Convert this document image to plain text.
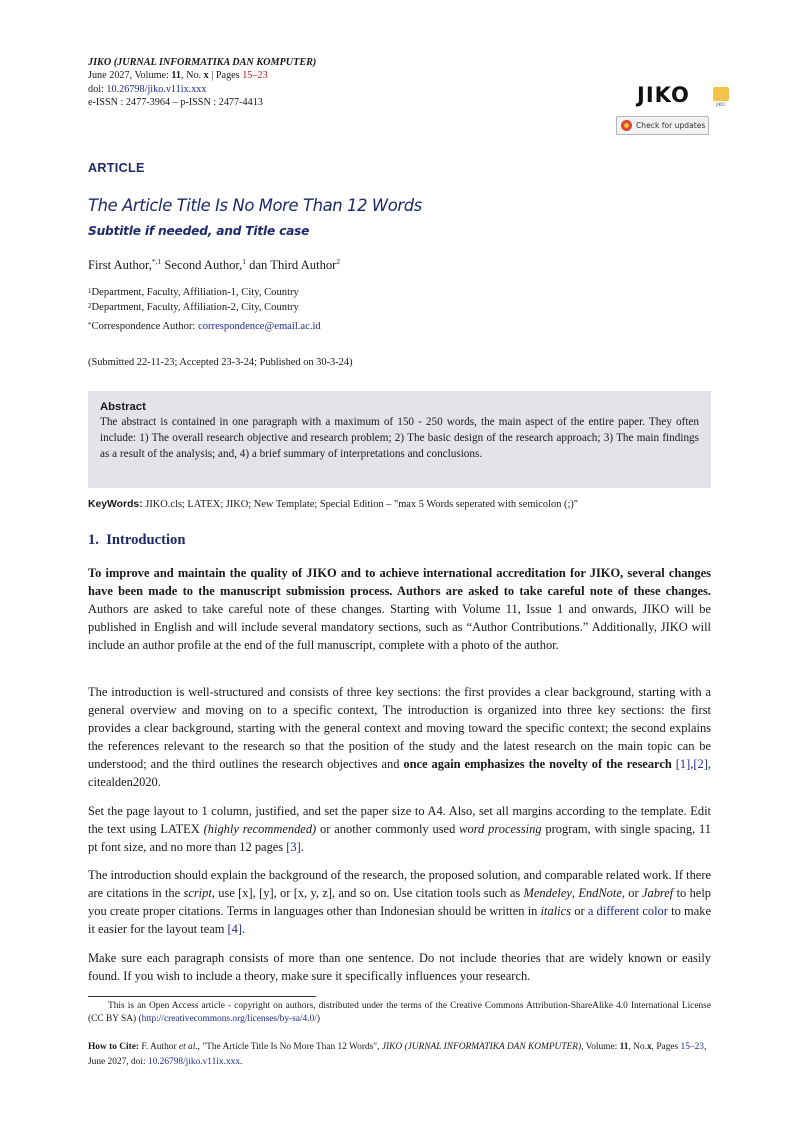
JIKO (JURNAL INFORMATIKA DAN KOMPUTER)
June 2027, Volume: 11, No. x | Pages 15–23
doi: 10.26798/jiko.v11ix.xxx
e-ISSN : 2477-3964 – p-ISSN : 2477-4413	JIKO	JIKO
Check for updates
ARTICLE
The Article Title Is No More Than 12 Words
Subtitle if needed, and Title case
First Author,$^{*,1}$ Second Author,$^1$ dan Third Author$^2$
$^1$Department, Faculty, Affiliation-1, City, Country
$^2$Department, Faculty, Affiliation-2, City, Country
*Correspondence Author: correspondence@email.ac.id
(Submitted 22-11-23; Accepted 23-3-24; Published on 30-3-24)
Abstract
The abstract is contained in one paragraph with a maximum of 150 - 250 words, the main aspect of the entire paper. They often include: 1) The overall research objective and research problem; 2) The basic design of the research approach; 3) The main findings as a result of the analysis; and, 4) a brief summary of interpretations and conclusions.
KeyWords: JIKO.cls; LATEX; JIKO; New Template; Special Edition – "max 5 Words seperated with semicolon (;)"
1. Introduction
To improve and maintain the quality of JIKO and to achieve international accreditation for JIKO, several changes have been made to the manuscript submission process. Authors are asked to take careful note of these changes. Authors are asked to take careful note of these changes. Starting with Volume 11, Issue 1 and onwards, JIKO will be published in English and will include several mandatory sections, such as “Author Contributions.” Additionally, JIKO will include an author profile at the end of the full manuscript, complete with a photo of the author.
The introduction is well-structured and consists of three key sections: the first provides a clear background, starting with a general overview and moving on to a specific context, The introduction is organized into three key sections: the first provides a clear background, starting with the general context and moving toward the specific context; the second explains the references relevant to the research so that the position of the study and the latest research on the main topic can be understood; and the third outlines the research objectives and once again emphasizes the novelty of the research [1],[2], citealden2020.
Set the page layout to 1 column, justified, and set the paper size to A4. Also, set all margins according to the template. Edit the text using LATEX (highly recommended) or another commonly used word processing program, with single spacing, 11 pt font size, and no more than 12 pages [3].
The introduction should explain the background of the research, the proposed solution, and comparable related work. If there are citations in the script, use [x], [y], or [x, y, z], and so on. Use citation tools such as Mendeley, EndNote, or Jabref to help you create proper citations. Terms in languages other than Indonesian should be written in italics or a different color to make it easier for the layout team [4].
Make sure each paragraph consists of more than one sentence. Do not include theories that are widely known or easily found. If you wish to include a theory, make sure it specifically influences your research.
This is an Open Access article - copyright on authors, distributed under the terms of the Creative Commons Attribution-ShareAlike 4.0 International License (CC BY SA) (http://creativecommons.org/licenses/by-sa/4.0/)
How to Cite: F. Author et al., "The Article Title Is No More Than 12 Words", JIKO (JURNAL INFORMATIKA DAN KOMPUTER), Volume: 11, No.x, Pages 15–23, June 2027, doi: 10.26798/jiko.v11ix.xxx.
